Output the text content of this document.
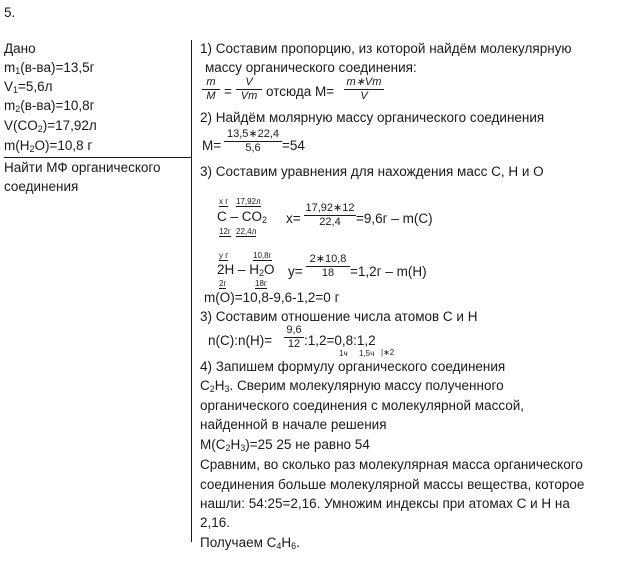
5.
Дано
$m_1(в-ва)=13,5г$
$V_1=5,6л$
$m_2(в-ва)=10,8г$
$V(CO_2)=17,92л$
$m(H_2O)=10,8$ г
Найти МФ органического
соединения
1) Составим пропорцию, из которой найдём молекулярную
массу органического соединения:
m
M =
V
Vm отсюда М=
m∗Vm
V
2) Найдём молярную массу органического соединения
М=
13,5∗22,4
5,6	=54
3) Составим уравнения для нахождения масс С, Н и О
х г 17,92л
C – $CO_2$
12г 22,4л
х=
17,92∗12
22,4	=9,6г – m(C)
у г	10,8г
$2H - H_2O$
2г	18г
у=
2∗10,8
18	=1,2г – m(H)
m(O)=10,8-9,6-1,2=0 г
3) Составим отношение числа атомов С и Н
n(C):n(H)=
9,6
12 :1,2=0,8:1,2
1ч 1,5ч |∗2
4) Запишем формулу органического соединения
$C_2H_3$. Сверим молекулярную массу полученного
органического соединения с молекулярной массой,
найденной в начале решения
$M(C_2H_3)=25$ 25 не равно 54
Сравним, во сколько раз молекулярная масса органического
соединения больше молекулярной массы вещества, которое
нашли: 54:25=2,16. Умножим индексы при атомах С и Н на
2,16.
Получаем $С_4Н_6$.
